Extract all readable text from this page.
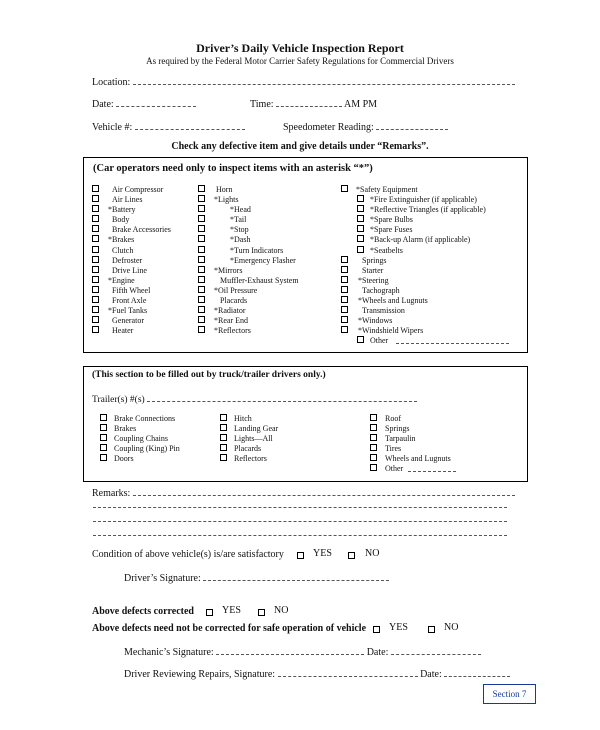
Driver’s Daily Vehicle Inspection Report
As required by the Federal Motor Carrier Safety Regulations for Commercial Drivers
Location:
Date:	Time:	AM PM
Vehicle #:	Speedometer Reading:
Check any defective item and give details under “Remarks”.
(Car operators need only to inspect items with an asterisk “*”)
Air Compressor
Air Lines
*Battery
Body
Brake Accessories
*Brakes
Clutch
Defroster
Drive Line
*Engine
Fifth Wheel
Front Axle
*Fuel Tanks
Generator
Heater
Horn
*Lights
*Head
*Tail
*Stop
*Dash
*Turn Indicators
*Emergency Flasher
*Mirrors
Muffler-Exhaust System
*Oil Pressure
Placards
*Radiator
*Rear End
*Reflectors
*Safety Equipment
*Fire Extinguisher (if applicable)
*Reflective Triangles (if applicable)
*Spare Bulbs
*Spare Fuses
*Back-up Alarm (if applicable)
*Seatbelts
Springs
Starter
*Steering
Tachograph
*Wheels and Lugnuts
Transmission
*Windows
*Windshield Wipers
Other
(This section to be filled out by truck/trailer drivers only.)
Trailer(s) #(s)
Brake Connections
Brakes
Coupling Chains
Coupling (King) Pin
Doors
Hitch
Landing Gear
Lights—All
Placards
Reflectors
Roof
Springs
Tarpaulin
Tires
Wheels and Lugnuts
Other
Remarks:
Condition of above vehicle(s) is/are satisfactory	YES	NO
Driver’s Signature:
Above defects corrected	YES	NO
Above defects need not be corrected for safe operation of vehicle YES	NO
Mechanic’s Signature:	Date:
Driver Reviewing Repairs, Signature:	Date:
Section 7
